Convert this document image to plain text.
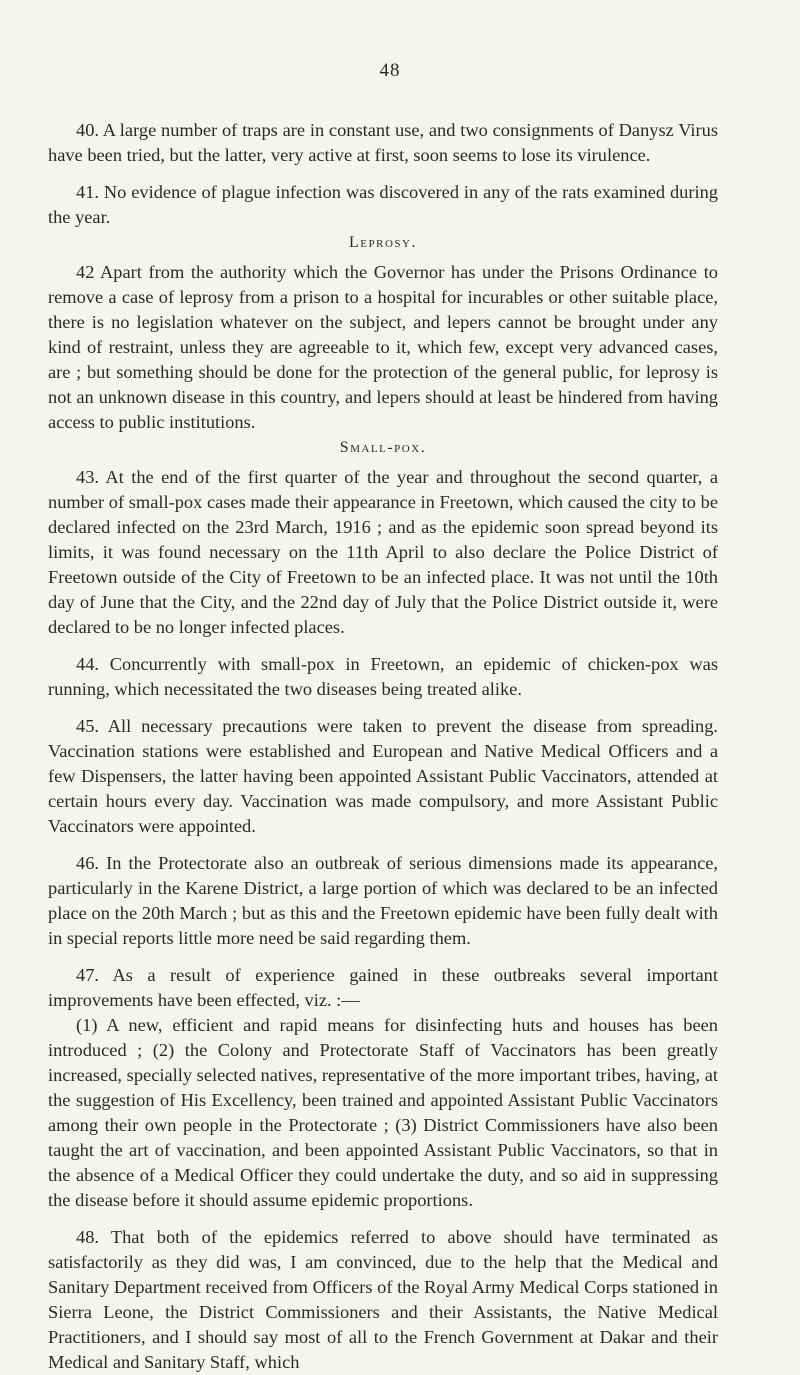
48

40. A large number of traps are in constant use, and two consignments of Danysz Virus have been tried, but the latter, very active at first, soon seems to lose its virulence.

41. No evidence of plague infection was discovered in any of the rats examined during the year.

Leprosy.

42 Apart from the authority which the Governor has under the Prisons Ordinance to remove a case of leprosy from a prison to a hospital for incurables or other suitable place, there is no legislation whatever on the subject, and lepers cannot be brought under any kind of restraint, unless they are agreeable to it, which few, except very advanced cases, are ; but something should be done for the protection of the general public, for leprosy is not an unknown disease in this country, and lepers should at least be hindered from having access to public institutions.

Small-pox.

43. At the end of the first quarter of the year and throughout the second quarter, a number of small-pox cases made their appearance in Freetown, which caused the city to be declared infected on the 23rd March, 1916 ; and as the epidemic soon spread beyond its limits, it was found necessary on the 11th April to also declare the Police District of Freetown outside of the City of Freetown to be an infected place. It was not until the 10th day of June that the City, and the 22nd day of July that the Police District outside it, were declared to be no longer infected places.

44. Concurrently with small-pox in Freetown, an epidemic of chicken-pox was running, which necessitated the two diseases being treated alike.

45. All necessary precautions were taken to prevent the disease from spreading. Vaccination stations were established and European and Native Medical Officers and a few Dispensers, the latter having been appointed Assistant Public Vaccinators, attended at certain hours every day. Vaccination was made compulsory, and more Assistant Public Vaccinators were appointed.

46. In the Protectorate also an outbreak of serious dimensions made its appearance, particularly in the Karene District, a large portion of which was declared to be an infected place on the 20th March ; but as this and the Freetown epidemic have been fully dealt with in special reports little more need be said regarding them.

47. As a result of experience gained in these outbreaks several important improvements have been effected, viz. :—

(1) A new, efficient and rapid means for disinfecting huts and houses has been introduced ; (2) the Colony and Protectorate Staff of Vaccinators has been greatly increased, specially selected natives, representative of the more important tribes, having, at the suggestion of His Excellency, been trained and appointed Assistant Public Vaccinators among their own people in the Protectorate ; (3) District Commissioners have also been taught the art of vaccination, and been appointed Assistant Public Vaccinators, so that in the absence of a Medical Officer they could undertake the duty, and so aid in suppressing the disease before it should assume epidemic proportions.

48. That both of the epidemics referred to above should have terminated as satisfactorily as they did was, I am convinced, due to the help that the Medical and Sanitary Department received from Officers of the Royal Army Medical Corps stationed in Sierra Leone, the District Commissioners and their Assistants, the Native Medical Practitioners, and I should say most of all to the French Government at Dakar and their Medical and Sanitary Staff, which
